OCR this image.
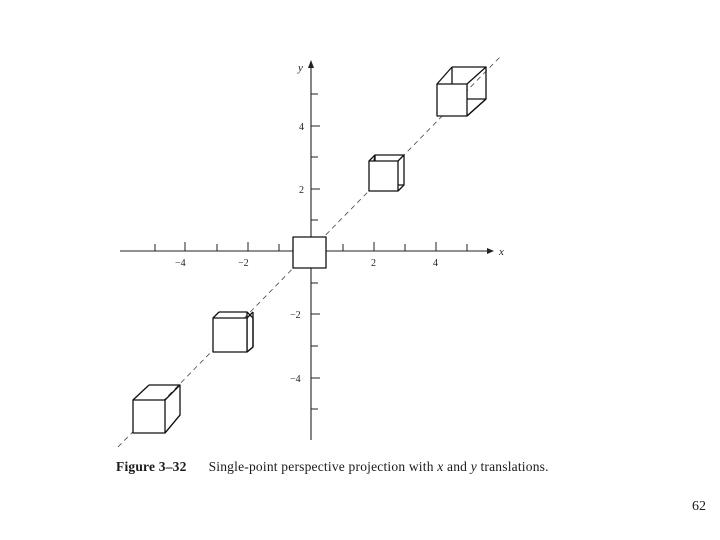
−4	−2	2	4
x
4
2
−2
−4
y
Figure 3–32 Single-point perspective projection with x and y translations.
62
